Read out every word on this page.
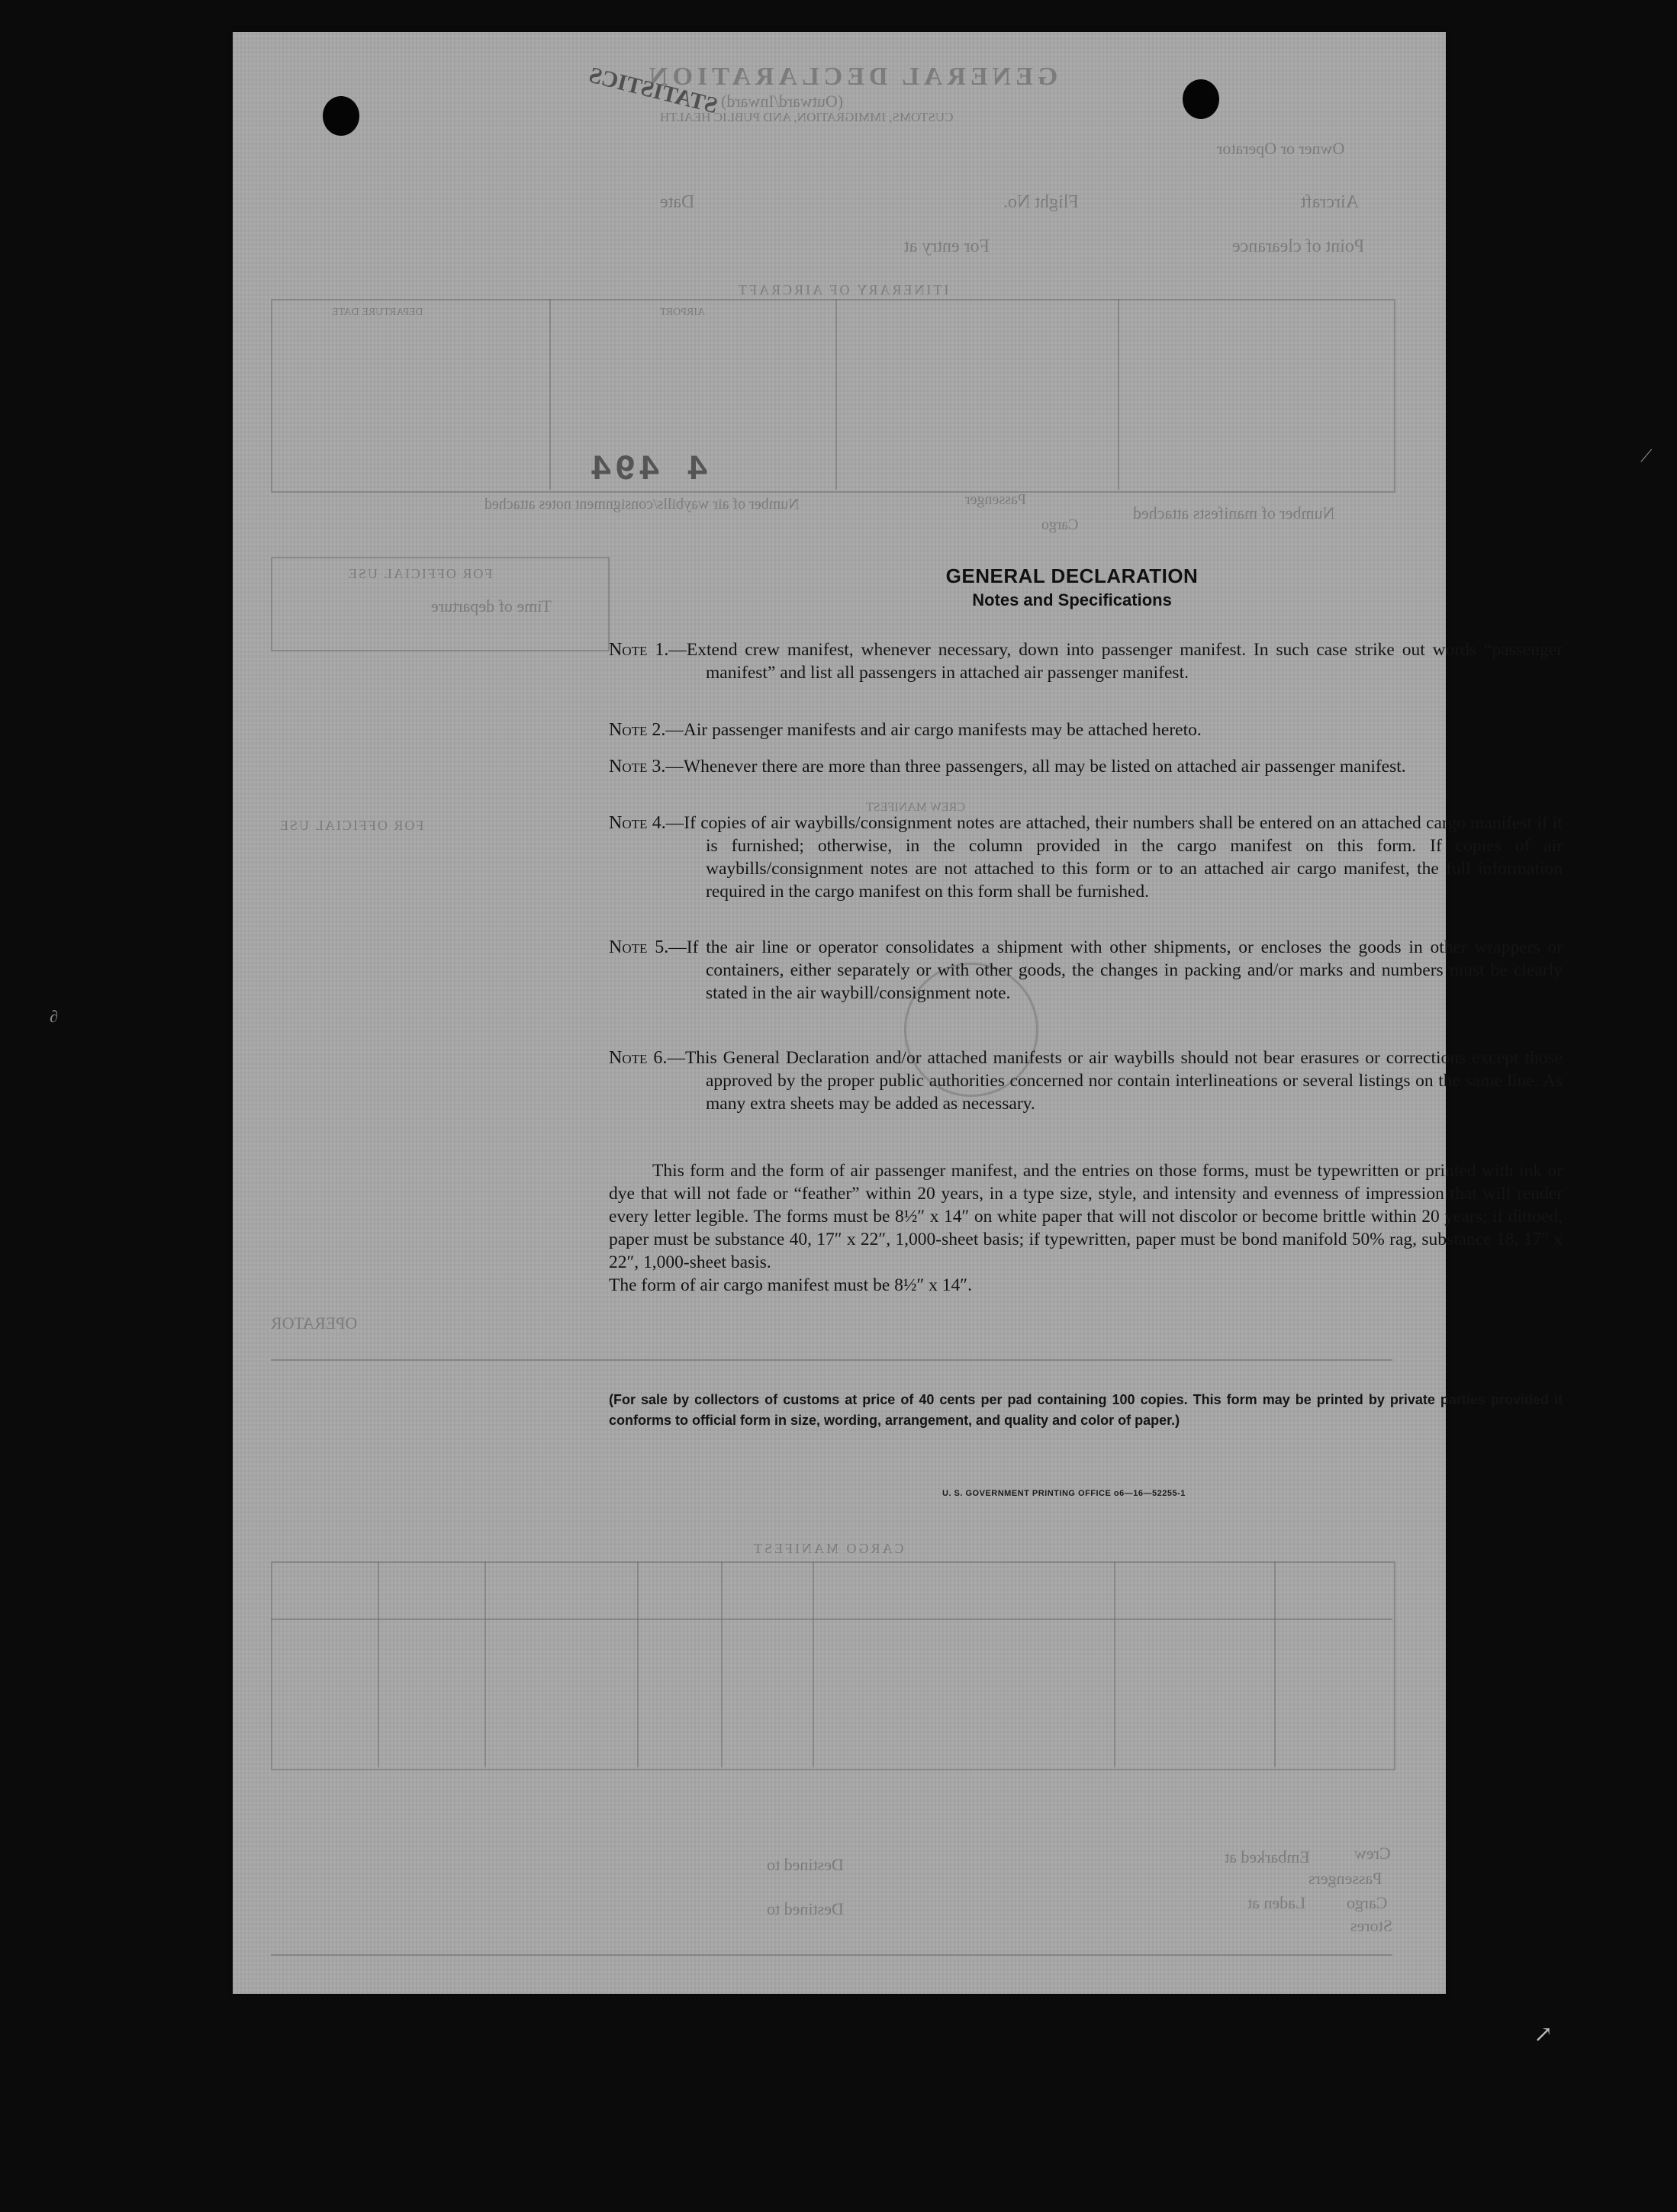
GENERAL DECLARATION
(Outward/Inward)
CUSTOMS, IMMIGRATION, AND PUBLIC HEALTH
STATISTICS
Owner or Operator
Aircraft
Flight No.
Date
Point of clearance
For entry at
ITINERARY OF AIRCRAFT
DEPARTURE DATE	AIRPORT
Number of manifests attached
Passenger
Cargo
Number of air waybills/consignment notes attached
FOR OFFICIAL USE
Time of departure
CREW MANIFEST
FOR OFFICIAL USE
OPERATOR
CARGO MANIFEST
Crew
Embarked at
Passengers
Destined to
Cargo
Laden at
Destined to
Stores
4 494
GENERAL DECLARATION
Notes and Specifications
Note 1.—Extend crew manifest, whenever necessary, down into passenger manifest. In such case strike out words “passenger manifest” and list all passengers in attached air passenger manifest.
Note 2.—Air passenger manifests and air cargo manifests may be attached hereto.
Note 3.—Whenever there are more than three passengers, all may be listed on attached air passenger manifest.
Note 4.—If copies of air waybills/consignment notes are attached, their numbers shall be entered on an attached cargo manifest if it is furnished; otherwise, in the column provided in the cargo manifest on this form. If copies of air waybills/consignment notes are not attached to this form or to an attached air cargo manifest, the full information required in the cargo manifest on this form shall be furnished.
Note 5.—If the air line or operator consolidates a shipment with other shipments, or encloses the goods in other wrappers or containers, either separately or with other goods, the changes in packing and/or marks and numbers must be clearly stated in the air waybill/consignment note.
Note 6.—This General Declaration and/or attached manifests or air waybills should not bear erasures or corrections except those approved by the proper public authorities concerned nor contain interlineations or several listings on the same line. As many extra sheets may be added as necessary.
This form and the form of air passenger manifest, and the entries on those forms, must be typewritten or printed with ink or dye that will not fade or “feather” within 20 years, in a type size, style, and intensity and evenness of impression that will render every letter legible. The forms must be 8½″ x 14″ on white paper that will not discolor or become brittle within 20 years; if dittoed, paper must be substance 40, 17″ x 22″, 1,000-sheet basis; if typewritten, paper must be bond manifold 50% rag, substance 18, 17″ x 22″, 1,000-sheet basis.
The form of air cargo manifest must be 8½″ x 14″.
(For sale by collectors of customs at price of 40 cents per pad containing 100 copies. This form may be printed by private parties provided it conforms to official form in size, wording, arrangement, and quality and color of paper.)
U. S. GOVERNMENT PRINTING OFFICE o6—16—52255-1
⟋
∂
↗
